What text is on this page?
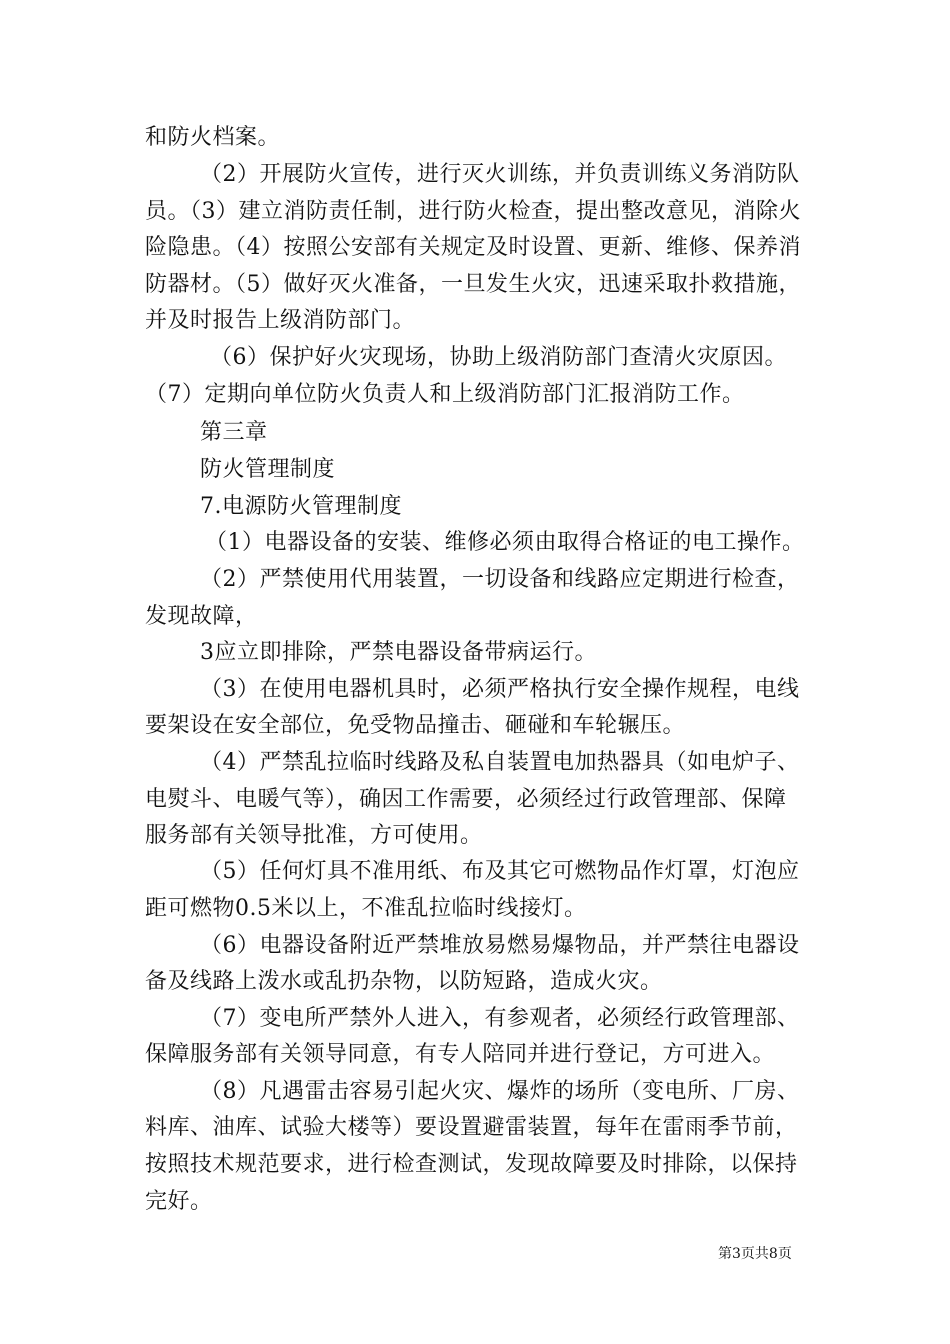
和防火档案。
（2）开展防火宣传，进行灭火训练，并负责训练义务消防队
员。（3）建立消防责任制，进行防火检查，提出整改意见，消除火
险隐患。（4）按照公安部有关规定及时设置、更新、维修、保养消
防器材。（5）做好灭火准备，一旦发生火灾，迅速采取扑救措施，
并及时报告上级消防部门。
（6）保护好火灾现场，协助上级消防部门查清火灾原因。
（7）定期向单位防火负责人和上级消防部门汇报消防工作。
第三章
防火管理制度
7.电源防火管理制度
（1）电器设备的安装、维修必须由取得合格证的电工操作。
（2）严禁使用代用装置，一切设备和线路应定期进行检查，
发现故障，
3应立即排除，严禁电器设备带病运行。
（3）在使用电器机具时，必须严格执行安全操作规程，电线
要架设在安全部位，免受物品撞击、砸碰和车轮辗压。
（4）严禁乱拉临时线路及私自装置电加热器具（如电炉子、
电熨斗、电暖气等），确因工作需要，必须经过行政管理部、保障
服务部有关领导批准，方可使用。
（5）任何灯具不准用纸、布及其它可燃物品作灯罩，灯泡应
距可燃物0.5米以上，不准乱拉临时线接灯。
（6）电器设备附近严禁堆放易燃易爆物品，并严禁往电器设
备及线路上泼水或乱扔杂物，以防短路，造成火灾。
（7）变电所严禁外人进入，有参观者，必须经行政管理部、
保障服务部有关领导同意，有专人陪同并进行登记，方可进入。
（8）凡遇雷击容易引起火灾、爆炸的场所（变电所、厂房、
料库、油库、试验大楼等）要设置避雷装置，每年在雷雨季节前，
按照技术规范要求，进行检查测试，发现故障要及时排除，以保持
完好。
第3页共8页
